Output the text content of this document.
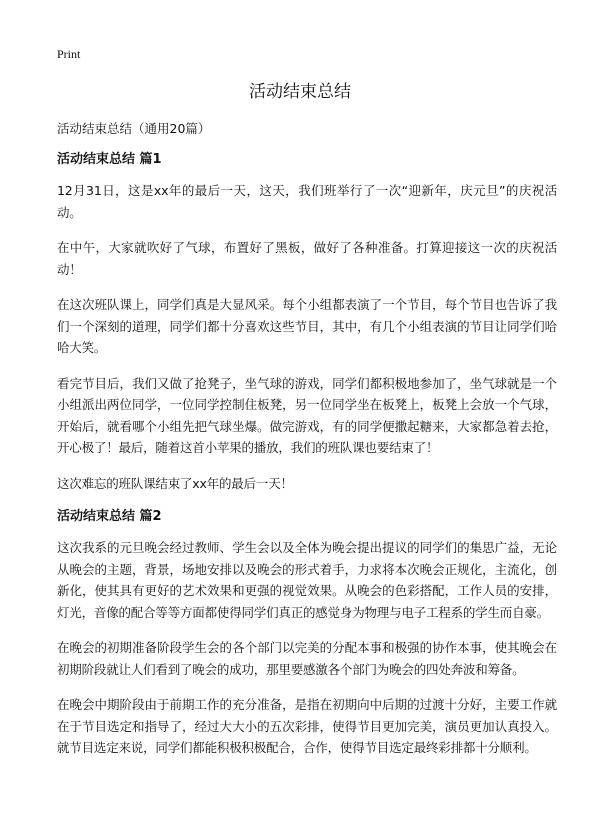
Print
活动结束总结
活动结束总结（通用20篇）
活动结束总结 篇1

12月31日，这是xx年的最后一天，这天，我们班举行了一次“迎新年，庆元旦”的庆祝活动。

在中午，大家就吹好了气球，布置好了黑板，做好了各种准备。打算迎接这一次的庆祝活动！

在这次班队课上，同学们真是大显风采。每个小组都表演了一个节目，每个节目也告诉了我们一个深刻的道理，同学们都十分喜欢这些节目，其中，有几个小组表演的节目让同学们哈哈大笑。

看完节目后，我们又做了抢凳子，坐气球的游戏，同学们都积极地参加了，坐气球就是一个小组派出两位同学，一位同学控制住板凳，另一位同学坐在板凳上，板凳上会放一个气球，开始后，就看哪个小组先把气球坐爆。做完游戏，有的同学便撒起糖来，大家都急着去抢，开心极了！最后，随着这首小苹果的播放，我们的班队课也要结束了！

这次难忘的班队课结束了xx年的最后一天！

活动结束总结 篇2

这次我系的元旦晚会经过教师、学生会以及全体为晚会提出提议的同学们的集思广益，无论从晚会的主题，背景，场地安排以及晚会的形式着手，力求将本次晚会正规化，主流化，创新化，使其具有更好的艺术效果和更强的视觉效果。从晚会的色彩搭配，工作人员的安排，灯光，音像的配合等等方面都使得同学们真正的感觉身为物理与电子工程系的学生而自豪。

在晚会的初期准备阶段学生会的各个部门以完美的分配本事和极强的协作本事，使其晚会在初期阶段就让人们看到了晚会的成功，那里要感激各个部门为晚会的四处奔波和筹备。

在晚会中期阶段由于前期工作的充分准备，是指在初期向中后期的过渡十分好，主要工作就在于节目选定和指导了，经过大大小的五次彩排，使得节目更加完美，演员更加认真投入。就节目选定来说，同学们都能积极积极配合，合作，使得节目选定最终彩排都十分顺利。
